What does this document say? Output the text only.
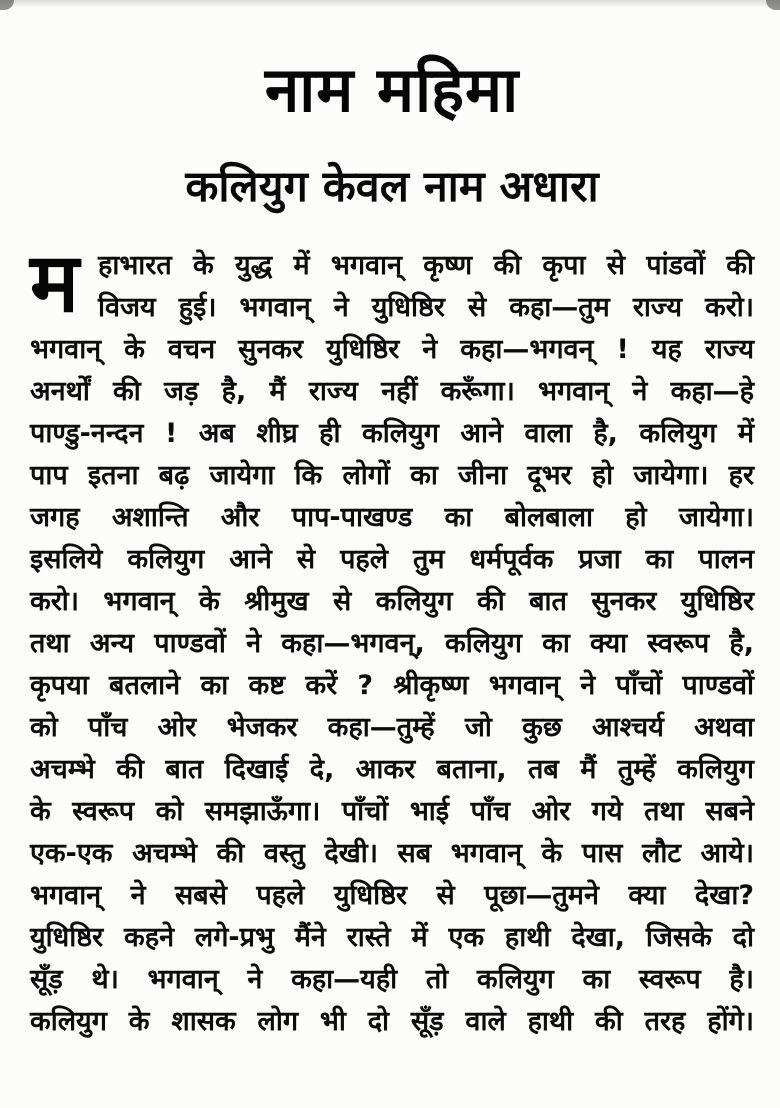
नाम महिमा
कलियुग केवल नाम अधारा
म हाभारत के युद्ध में भगवान् कृष्ण की कृपा से पांडवों की
विजय हुई। भगवान् ने युधिष्ठिर से कहा—तुम राज्य करो।
भगवान् के वचन सुनकर युधिष्ठिर ने कहा—भगवन् ! यह राज्य
अनर्थों की जड़ है, मैं राज्य नहीं करूँगा। भगवान् ने कहा—हे
पाण्डु-नन्दन ! अब शीघ्र ही कलियुग आने वाला है, कलियुग में
पाप इतना बढ़ जायेगा कि लोगों का जीना दूभर हो जायेगा। हर
जगह अशान्ति और पाप-पाखण्ड का बोलबाला हो जायेगा।
इसलिये कलियुग आने से पहले तुम धर्मपूर्वक प्रजा का पालन
करो। भगवान् के श्रीमुख से कलियुग की बात सुनकर युधिष्ठिर
तथा अन्य पाण्डवों ने कहा—भगवन्, कलियुग का क्या स्वरूप है,
कृपया बतलाने का कष्ट करें ? श्रीकृष्ण भगवान् ने पाँचों पाण्डवों
को पाँच ओर भेजकर कहा—तुम्हें जो कुछ आश्चर्य अथवा
अचम्भे की बात दिखाई दे, आकर बताना, तब मैं तुम्हें कलियुग
के स्वरूप को समझाऊँगा। पाँचों भाई पाँच ओर गये तथा सबने
एक-एक अचम्भे की वस्तु देखी। सब भगवान् के पास लौट आये।
भगवान् ने सबसे पहले युधिष्ठिर से पूछा—तुमने क्या देखा?
युधिष्ठिर कहने लगे-प्रभु मैंने रास्ते में एक हाथी देखा, जिसके दो
सूँड़ थे। भगवान् ने कहा—यही तो कलियुग का स्वरूप है।
कलियुग के शासक लोग भी दो सूँड़ वाले हाथी की तरह होंगे।
